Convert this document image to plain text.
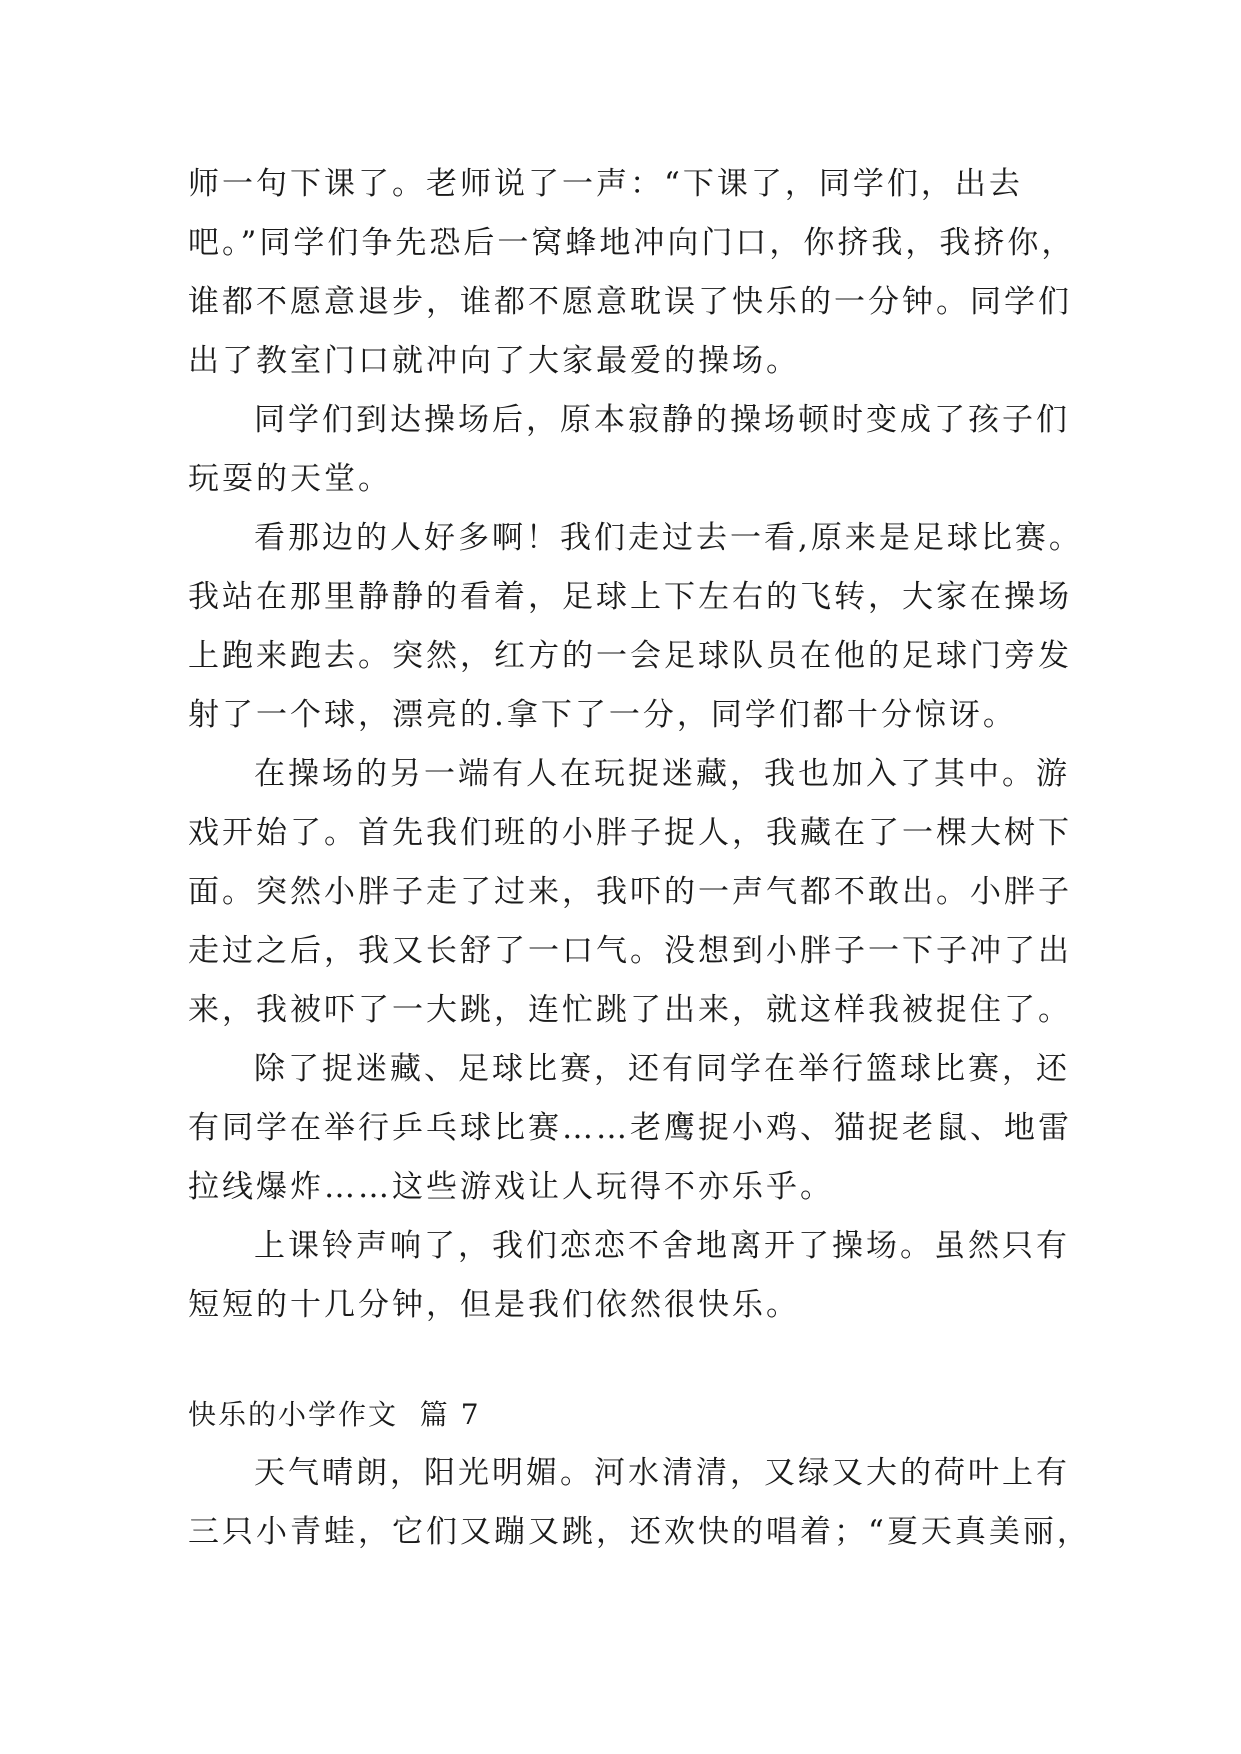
师一句下课了。老师说了一声：“下课了，同学们，出去
吧。”同学们争先恐后一窝蜂地冲向门口，你挤我，我挤你，
谁都不愿意退步，谁都不愿意耽误了快乐的一分钟。同学们
出了教室门口就冲向了大家最爱的操场。
同学们到达操场后，原本寂静的操场顿时变成了孩子们
玩耍的天堂。
看那边的人好多啊！我们走过去一看,原来是足球比赛。
我站在那里静静的看着，足球上下左右的飞转，大家在操场
上跑来跑去。突然，红方的一会足球队员在他的足球门旁发
射了一个球，漂亮的.拿下了一分，同学们都十分惊讶。
在操场的另一端有人在玩捉迷藏，我也加入了其中。游
戏开始了。首先我们班的小胖子捉人，我藏在了一棵大树下
面。突然小胖子走了过来，我吓的一声气都不敢出。小胖子
走过之后，我又长舒了一口气。没想到小胖子一下子冲了出
来，我被吓了一大跳，连忙跳了出来，就这样我被捉住了。
除了捉迷藏、足球比赛，还有同学在举行篮球比赛，还
有同学在举行乒乓球比赛……老鹰捉小鸡、猫捉老鼠、地雷
拉线爆炸……这些游戏让人玩得不亦乐乎。
上课铃声响了，我们恋恋不舍地离开了操场。虽然只有
短短的十几分钟，但是我们依然很快乐。
快乐的小学作文  篇 7
天气晴朗，阳光明媚。河水清清，又绿又大的荷叶上有
三只小青蛙，它们又蹦又跳，还欢快的唱着；“夏天真美丽，
